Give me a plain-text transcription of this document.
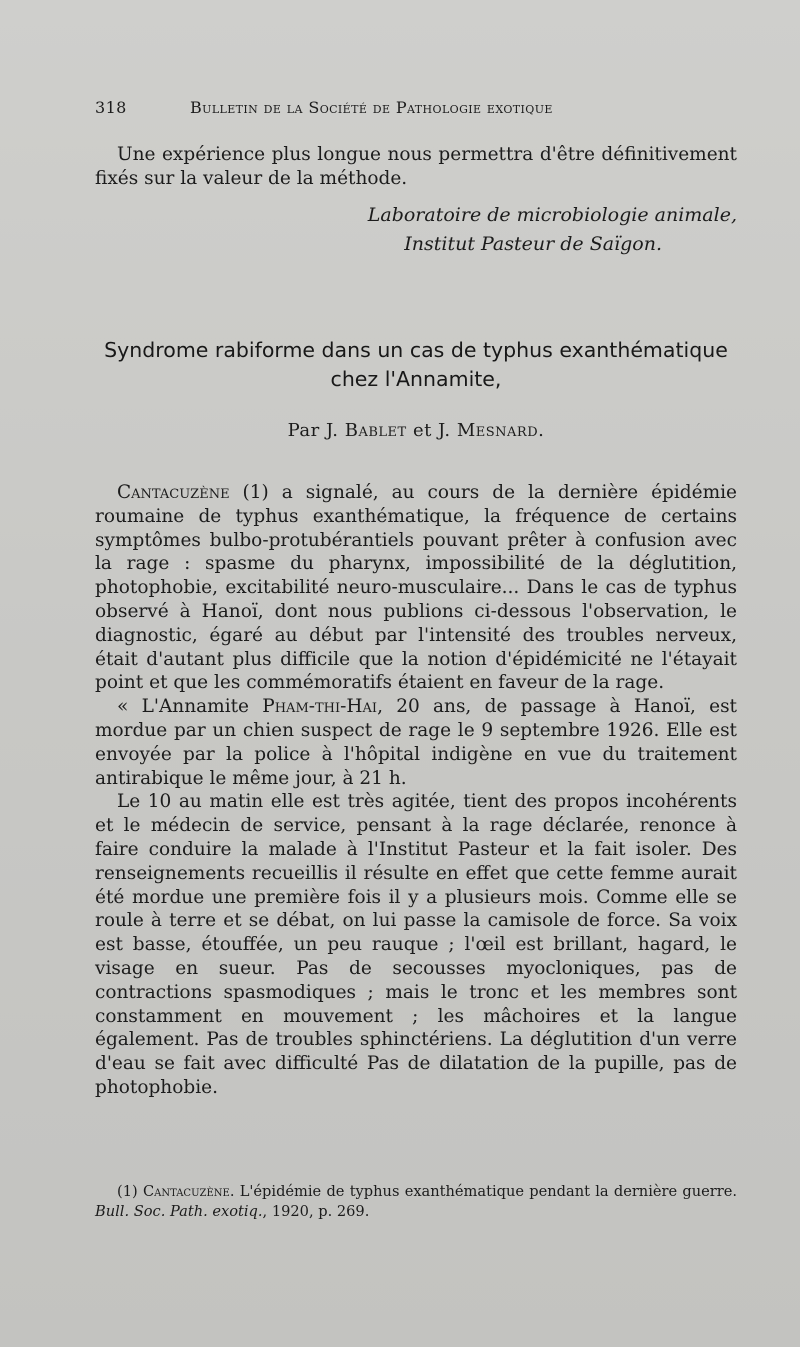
318	Bulletin de la Société de Pathologie exotique

Une expérience plus longue nous permettra d'être définitivement fixés sur la valeur de la méthode.

Laboratoire de microbiologie animale,
Institut Pasteur de Saïgon.
Syndrome rabiforme dans un cas de typhus exanthématique
chez l'Annamite,
Par J. Bablet et J. Mesnard.

Cantacuzène (1) a signalé, au cours de la dernière épidémie roumaine de typhus exanthématique, la fréquence de certains symptômes bulbo-protubérantiels pouvant prêter à confusion avec la rage : spasme du pharynx, impossibilité de la déglutition, photophobie, excitabilité neuro-musculaire... Dans le cas de typhus observé à Hanoï, dont nous publions ci-dessous l'observation, le diagnostic, égaré au début par l'intensité des troubles nerveux, était d'autant plus difficile que la notion d'épidémicité ne l'étayait point et que les commémoratifs étaient en faveur de la rage.

« L'Annamite Pham-thi-Hai, 20 ans, de passage à Hanoï, est mordue par un chien suspect de rage le 9 septembre 1926. Elle est envoyée par la police à l'hôpital indigène en vue du traitement antirabique le même jour, à 21 h.

Le 10 au matin elle est très agitée, tient des propos incohérents et le médecin de service, pensant à la rage déclarée, renonce à faire conduire la malade à l'Institut Pasteur et la fait isoler. Des renseignements recueillis il résulte en effet que cette femme aurait été mordue une première fois il y a plusieurs mois. Comme elle se roule à terre et se débat, on lui passe la camisole de force. Sa voix est basse, étouffée, un peu rauque ; l'œil est brillant, hagard, le visage en sueur. Pas de secousses myocloniques, pas de contractions spasmodiques ; mais le tronc et les membres sont constamment en mouvement ; les mâchoires et la langue également. Pas de troubles sphinctériens. La déglutition d'un verre d'eau se fait avec difficulté Pas de dilatation de la pupille, pas de photophobie.

(1) Cantacuzène. L'épidémie de typhus exanthématique pendant la dernière guerre. Bull. Soc. Path. exotiq., 1920, p. 269.
